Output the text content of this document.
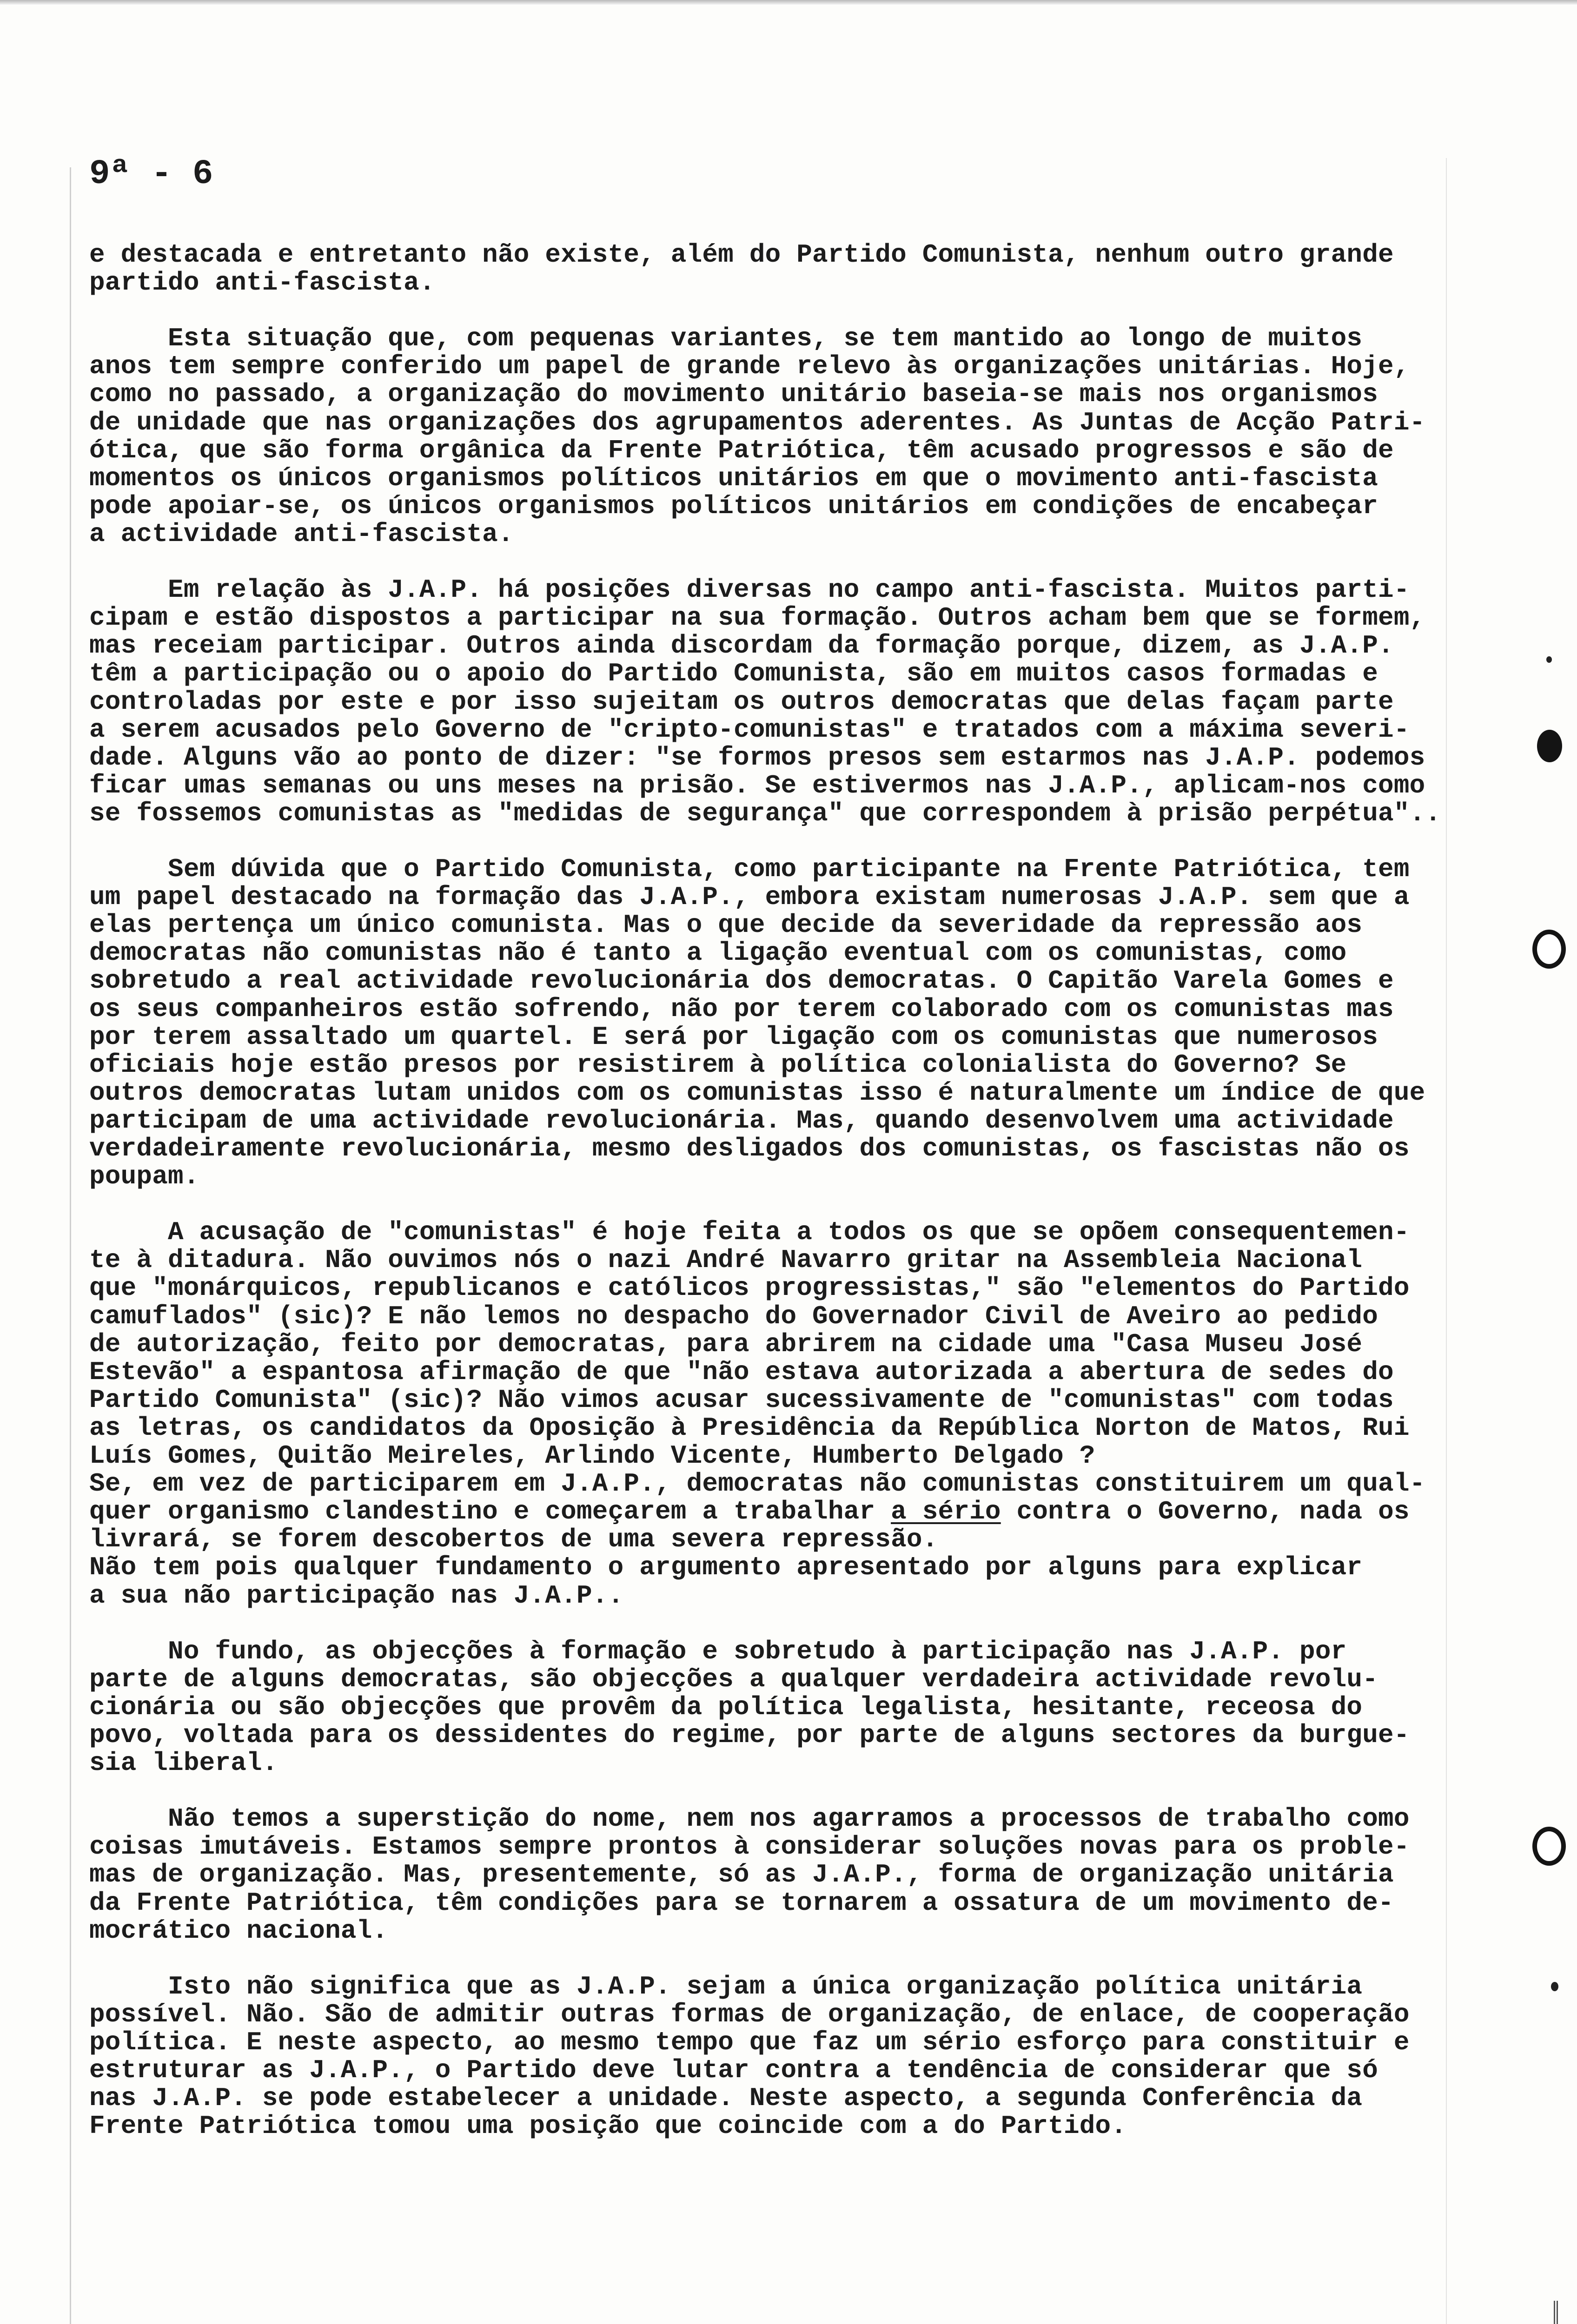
9ª - 6
e destacada e entretanto não existe, além do Partido Comunista, nenhum outro grande
partido anti-fascista.
Esta situação que, com pequenas variantes, se tem mantido ao longo de muitos
anos tem sempre conferido um papel de grande relevo às organizações unitárias. Hoje,
como no passado, a organização do movimento unitário baseia-se mais nos organismos
de unidade que nas organizações dos agrupamentos aderentes. As Juntas de Acção Patri-
ótica, que são forma orgânica da Frente Patriótica, têm acusado progressos e são de
momentos os únicos organismos políticos unitários em que o movimento anti-fascista
pode apoiar-se, os únicos organismos políticos unitários em condições de encabeçar
a actividade anti-fascista.
Em relação às J.A.P. há posições diversas no campo anti-fascista. Muitos parti-
cipam e estão dispostos a participar na sua formação. Outros acham bem que se formem,
mas receiam participar. Outros ainda discordam da formação porque, dizem, as J.A.P.
têm a participação ou o apoio do Partido Comunista, são em muitos casos formadas e
controladas por este e por isso sujeitam os outros democratas que delas façam parte
a serem acusados pelo Governo de "cripto-comunistas" e tratados com a máxima severi-
dade. Alguns vão ao ponto de dizer: "se formos presos sem estarmos nas J.A.P. podemos
ficar umas semanas ou uns meses na prisão. Se estivermos nas J.A.P., aplicam-nos como
se fossemos comunistas as "medidas de segurança" que correspondem à prisão perpétua"..
Sem dúvida que o Partido Comunista, como participante na Frente Patriótica, tem
um papel destacado na formação das J.A.P., embora existam numerosas J.A.P. sem que a
elas pertença um único comunista. Mas o que decide da severidade da repressão aos
democratas não comunistas não é tanto a ligação eventual com os comunistas, como
sobretudo a real actividade revolucionária dos democratas. O Capitão Varela Gomes e
os seus companheiros estão sofrendo, não por terem colaborado com os comunistas mas
por terem assaltado um quartel. E será por ligação com os comunistas que numerosos
oficiais hoje estão presos por resistirem à política colonialista do Governo? Se
outros democratas lutam unidos com os comunistas isso é naturalmente um índice de que
participam de uma actividade revolucionária. Mas, quando desenvolvem uma actividade
verdadeiramente revolucionária, mesmo desligados dos comunistas, os fascistas não os
poupam.
A acusação de "comunistas" é hoje feita a todos os que se opõem consequentemen-
te à ditadura. Não ouvimos nós o nazi André Navarro gritar na Assembleia Nacional
que "monárquicos, republicanos e católicos progressistas," são "elementos do Partido
camuflados" (sic)? E não lemos no despacho do Governador Civil de Aveiro ao pedido
de autorização, feito por democratas, para abrirem na cidade uma "Casa Museu José
Estevão" a espantosa afirmação de que "não estava autorizada a abertura de sedes do
Partido Comunista" (sic)? Não vimos acusar sucessivamente de "comunistas" com todas
as letras, os candidatos da Oposição à Presidência da República Norton de Matos, Rui
Luís Gomes, Quitão Meireles, Arlindo Vicente, Humberto Delgado ?
Se, em vez de participarem em J.A.P., democratas não comunistas constituirem um qual-
quer organismo clandestino e começarem a trabalhar a sério contra o Governo, nada os
livrará, se forem descobertos de uma severa repressão.
Não tem pois qualquer fundamento o argumento apresentado por alguns para explicar
a sua não participação nas J.A.P..
No fundo, as objecções à formação e sobretudo à participação nas J.A.P. por
parte de alguns democratas, são objecções a qualquer verdadeira actividade revolu-
cionária ou são objecções que provêm da política legalista, hesitante, receosa do
povo, voltada para os dessidentes do regime, por parte de alguns sectores da burgue-
sia liberal.
Não temos a superstição do nome, nem nos agarramos a processos de trabalho como
coisas imutáveis. Estamos sempre prontos à considerar soluções novas para os proble-
mas de organização. Mas, presentemente, só as J.A.P., forma de organização unitária
da Frente Patriótica, têm condições para se tornarem a ossatura de um movimento de-
mocrático nacional.
Isto não significa que as J.A.P. sejam a única organização política unitária
possível. Não. São de admitir outras formas de organização, de enlace, de cooperação
política. E neste aspecto, ao mesmo tempo que faz um sério esforço para constituir e
estruturar as J.A.P., o Partido deve lutar contra a tendência de considerar que só
nas J.A.P. se pode estabelecer a unidade. Neste aspecto, a segunda Conferência da
Frente Patriótica tomou uma posição que coincide com a do Partido.
